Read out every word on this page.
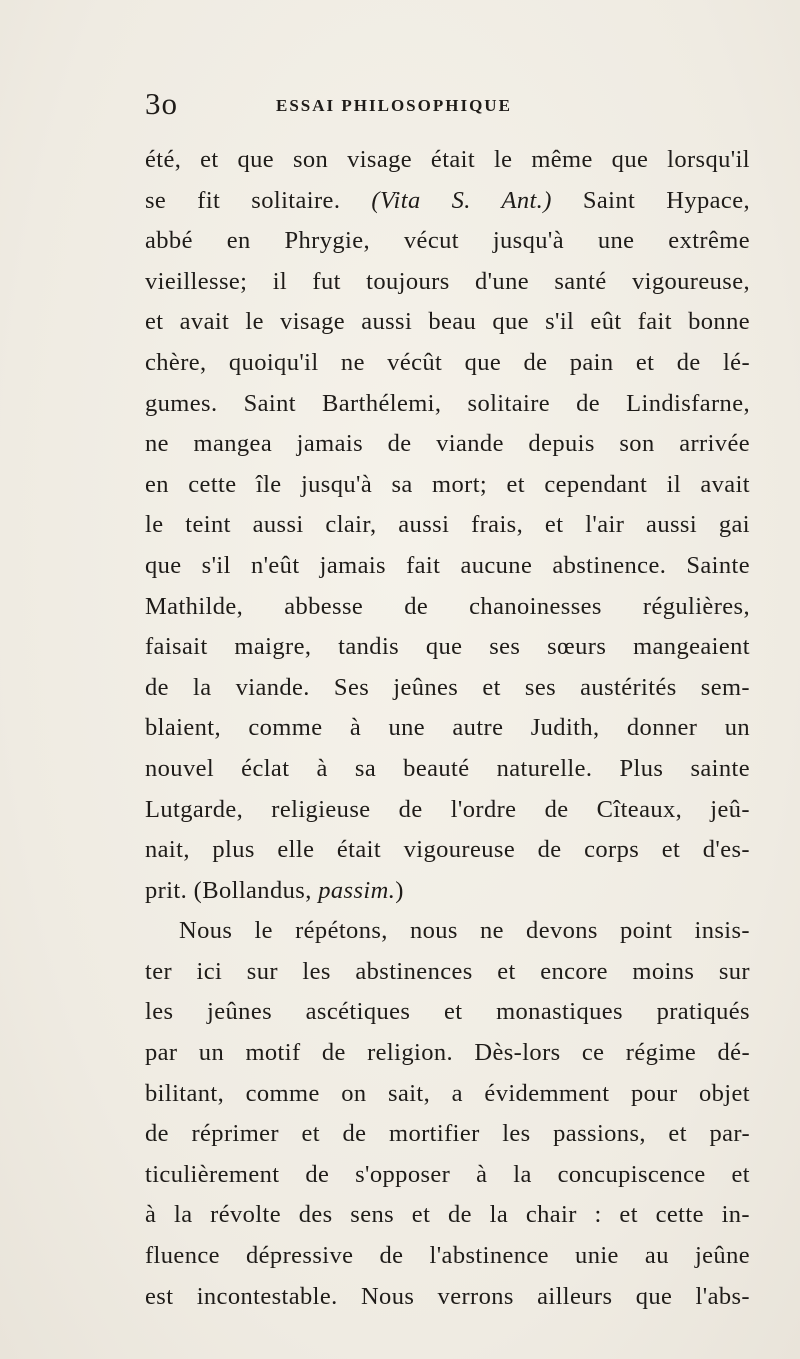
3o	ESSAI PHILOSOPHIQUE
été, et que son visage était le même que lorsqu'il
se fit solitaire. (Vita S. Ant.) Saint Hypace,
abbé en Phrygie, vécut jusqu'à une extrême
vieillesse; il fut toujours d'une santé vigoureuse,
et avait le visage aussi beau que s'il eût fait bonne
chère, quoiqu'il ne vécût que de pain et de lé-
gumes. Saint Barthélemi, solitaire de Lindisfarne,
ne mangea jamais de viande depuis son arrivée
en cette île jusqu'à sa mort; et cependant il avait
le teint aussi clair, aussi frais, et l'air aussi gai
que s'il n'eût jamais fait aucune abstinence. Sainte
Mathilde, abbesse de chanoinesses régulières,
faisait maigre, tandis que ses sœurs mangeaient
de la viande. Ses jeûnes et ses austérités sem-
blaient, comme à une autre Judith, donner un
nouvel éclat à sa beauté naturelle. Plus sainte
Lutgarde, religieuse de l'ordre de Cîteaux, jeû-
nait, plus elle était vigoureuse de corps et d'es-
prit. (Bollandus, passim.)
Nous le répétons, nous ne devons point insis-
ter ici sur les abstinences et encore moins sur
les jeûnes ascétiques et monastiques pratiqués
par un motif de religion. Dès-lors ce régime dé-
bilitant, comme on sait, a évidemment pour objet
de réprimer et de mortifier les passions, et par-
ticulièrement de s'opposer à la concupiscence et
à la révolte des sens et de la chair : et cette in-
fluence dépressive de l'abstinence unie au jeûne
est incontestable. Nous verrons ailleurs que l'abs-
